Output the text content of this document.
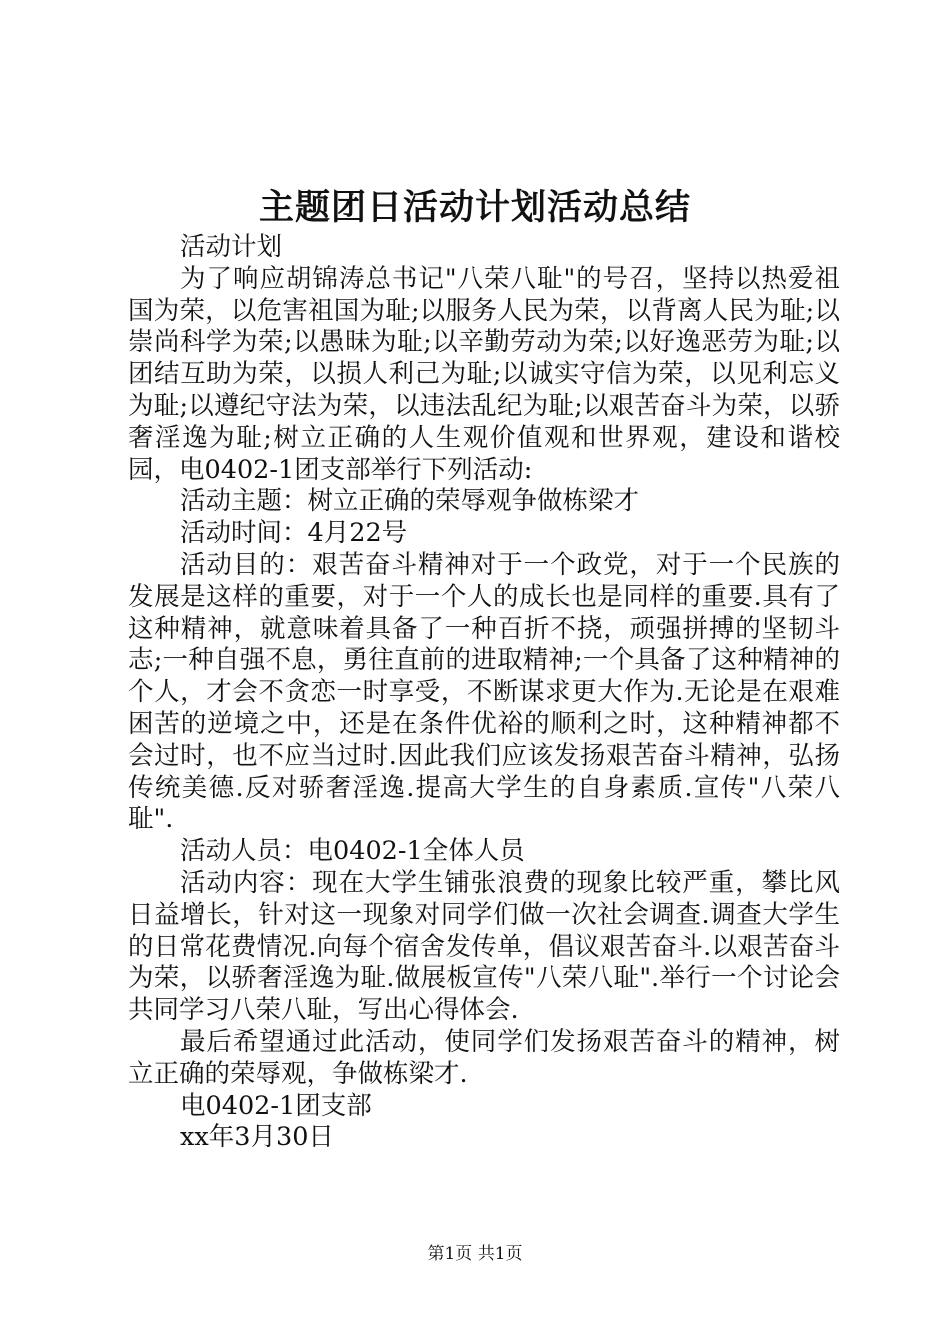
主题团日活动计划活动总结

活动计划

为了响应胡锦涛总书记"八荣八耻"的号召，坚持以热爱祖国为荣，以危害祖国为耻;以服务人民为荣，以背离人民为耻;以崇尚科学为荣;以愚昧为耻;以辛勤劳动为荣;以好逸恶劳为耻;以团结互助为荣，以损人利己为耻;以诚实守信为荣，以见利忘义为耻;以遵纪守法为荣，以违法乱纪为耻;以艰苦奋斗为荣，以骄奢淫逸为耻;树立正确的人生观价值观和世界观，建设和谐校园，电0402-1团支部举行下列活动:

活动主题：树立正确的荣辱观争做栋梁才

活动时间：4月22号

活动目的：艰苦奋斗精神对于一个政党，对于一个民族的发展是这样的重要，对于一个人的成长也是同样的重要.具有了这种精神，就意味着具备了一种百折不挠，顽强拼搏的坚韧斗志;一种自强不息，勇往直前的进取精神;一个具备了这种精神的个人，才会不贪恋一时享受，不断谋求更大作为.无论是在艰难困苦的逆境之中，还是在条件优裕的顺利之时，这种精神都不会过时，也不应当过时.因此我们应该发扬艰苦奋斗精神，弘扬传统美德.反对骄奢淫逸.提高大学生的自身素质.宣传"八荣八耻".

活动人员：电0402-1全体人员

活动内容：现在大学生铺张浪费的现象比较严重，攀比风日益增长，针对这一现象对同学们做一次社会调查.调查大学生的日常花费情况.向每个宿舍发传单，倡议艰苦奋斗.以艰苦奋斗为荣，以骄奢淫逸为耻.做展板宣传"八荣八耻".举行一个讨论会共同学习八荣八耻，写出心得体会.

最后希望通过此活动，使同学们发扬艰苦奋斗的精神，树立正确的荣辱观，争做栋梁才.

电0402-1团支部

xx年3月30日

第1页 共1页
